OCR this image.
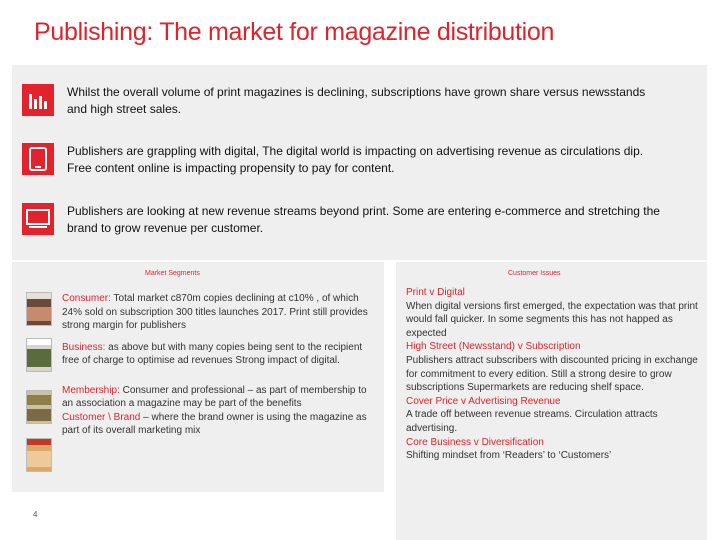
Publishing: The market for magazine distribution
Whilst the overall volume of print magazines is declining, subscriptions have grown share versus newsstands and high street sales.
Publishers are grappling with digital, The digital world is impacting on advertising revenue as circulations dip. Free content online is impacting propensity to pay for content.
Publishers are looking at new revenue streams beyond print. Some are entering e-commerce and stretching the brand to grow revenue per customer.
Market Segments

Consumer: Total market c870m copies declining at c10% , of which 24% sold on subscription 300 titles launches 2017. Print still provides strong margin for publishers

Business: as above but with many copies being sent to the recipient free of charge to optimise ad revenues Strong impact of digital.

Membership: Consumer and professional – as part of membership to an association a magazine may be part of the benefits

Customer \ Brand – where the brand owner is using the magazine as part of its overall marketing mix

Customer Issues
Print v Digital
When digital versions first emerged, the expectation was that print would fall quicker. In some segments this has not happed as expected
High Street (Newsstand) v Subscription
Publishers attract subscribers with discounted pricing in exchange for commitment to every edition. Still a strong desire to grow subscriptions Supermarkets are reducing shelf space.
Cover Price v Advertising Revenue
A trade off between revenue streams. Circulation attracts advertising.
Core Business v Diversification
Shifting mindset from ‘Readers’ to ‘Customers’
4
